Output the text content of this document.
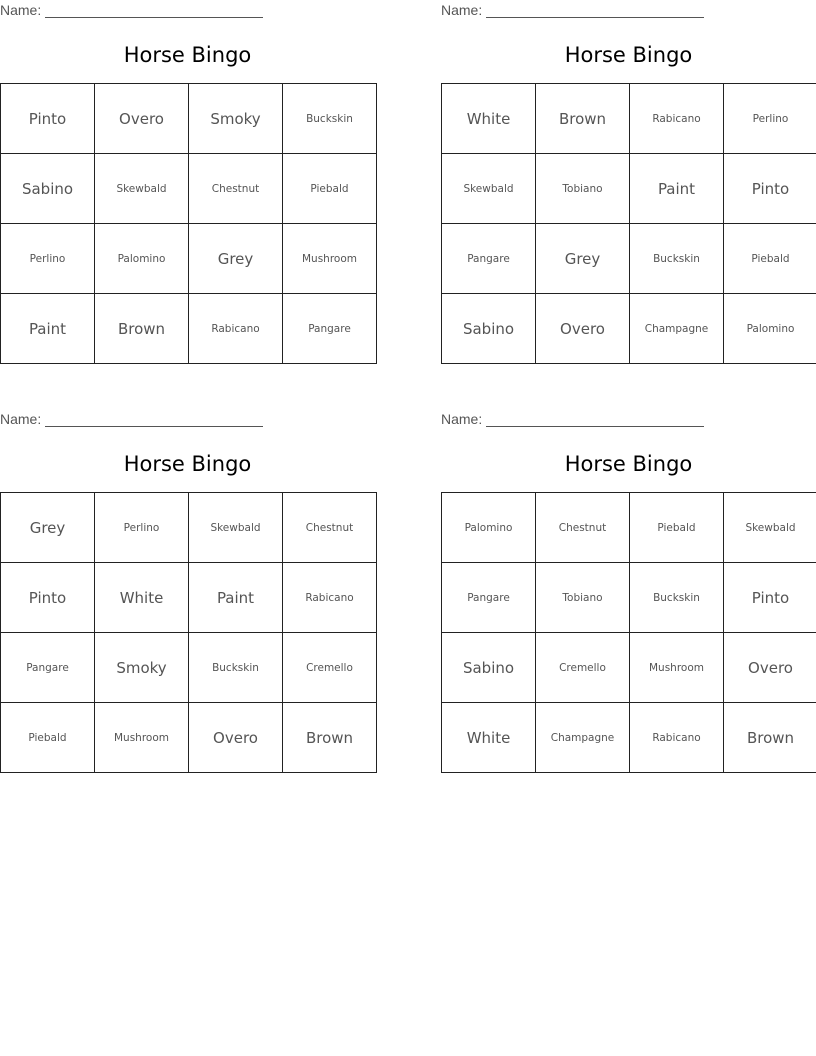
Name:
Horse Bingo
Pinto	Overo	Smoky	Buckskin
Sabino	Skewbald	Chestnut	Piebald
Perlino	Palomino	Grey	Mushroom
Paint	Brown	Rabicano	Pangare
Name:
Horse Bingo
White	Brown	Rabicano	Perlino
Skewbald	Tobiano	Paint	Pinto
Pangare	Grey	Buckskin	Piebald
Sabino	Overo	Champagne	Palomino
Name:
Horse Bingo
Grey	Perlino	Skewbald	Chestnut
Pinto	White	Paint	Rabicano
Pangare	Smoky	Buckskin	Cremello
Piebald	Mushroom	Overo	Brown
Name:
Horse Bingo
Palomino	Chestnut	Piebald	Skewbald
Pangare	Tobiano	Buckskin	Pinto
Sabino	Cremello	Mushroom	Overo
White	Champagne	Rabicano	Brown
